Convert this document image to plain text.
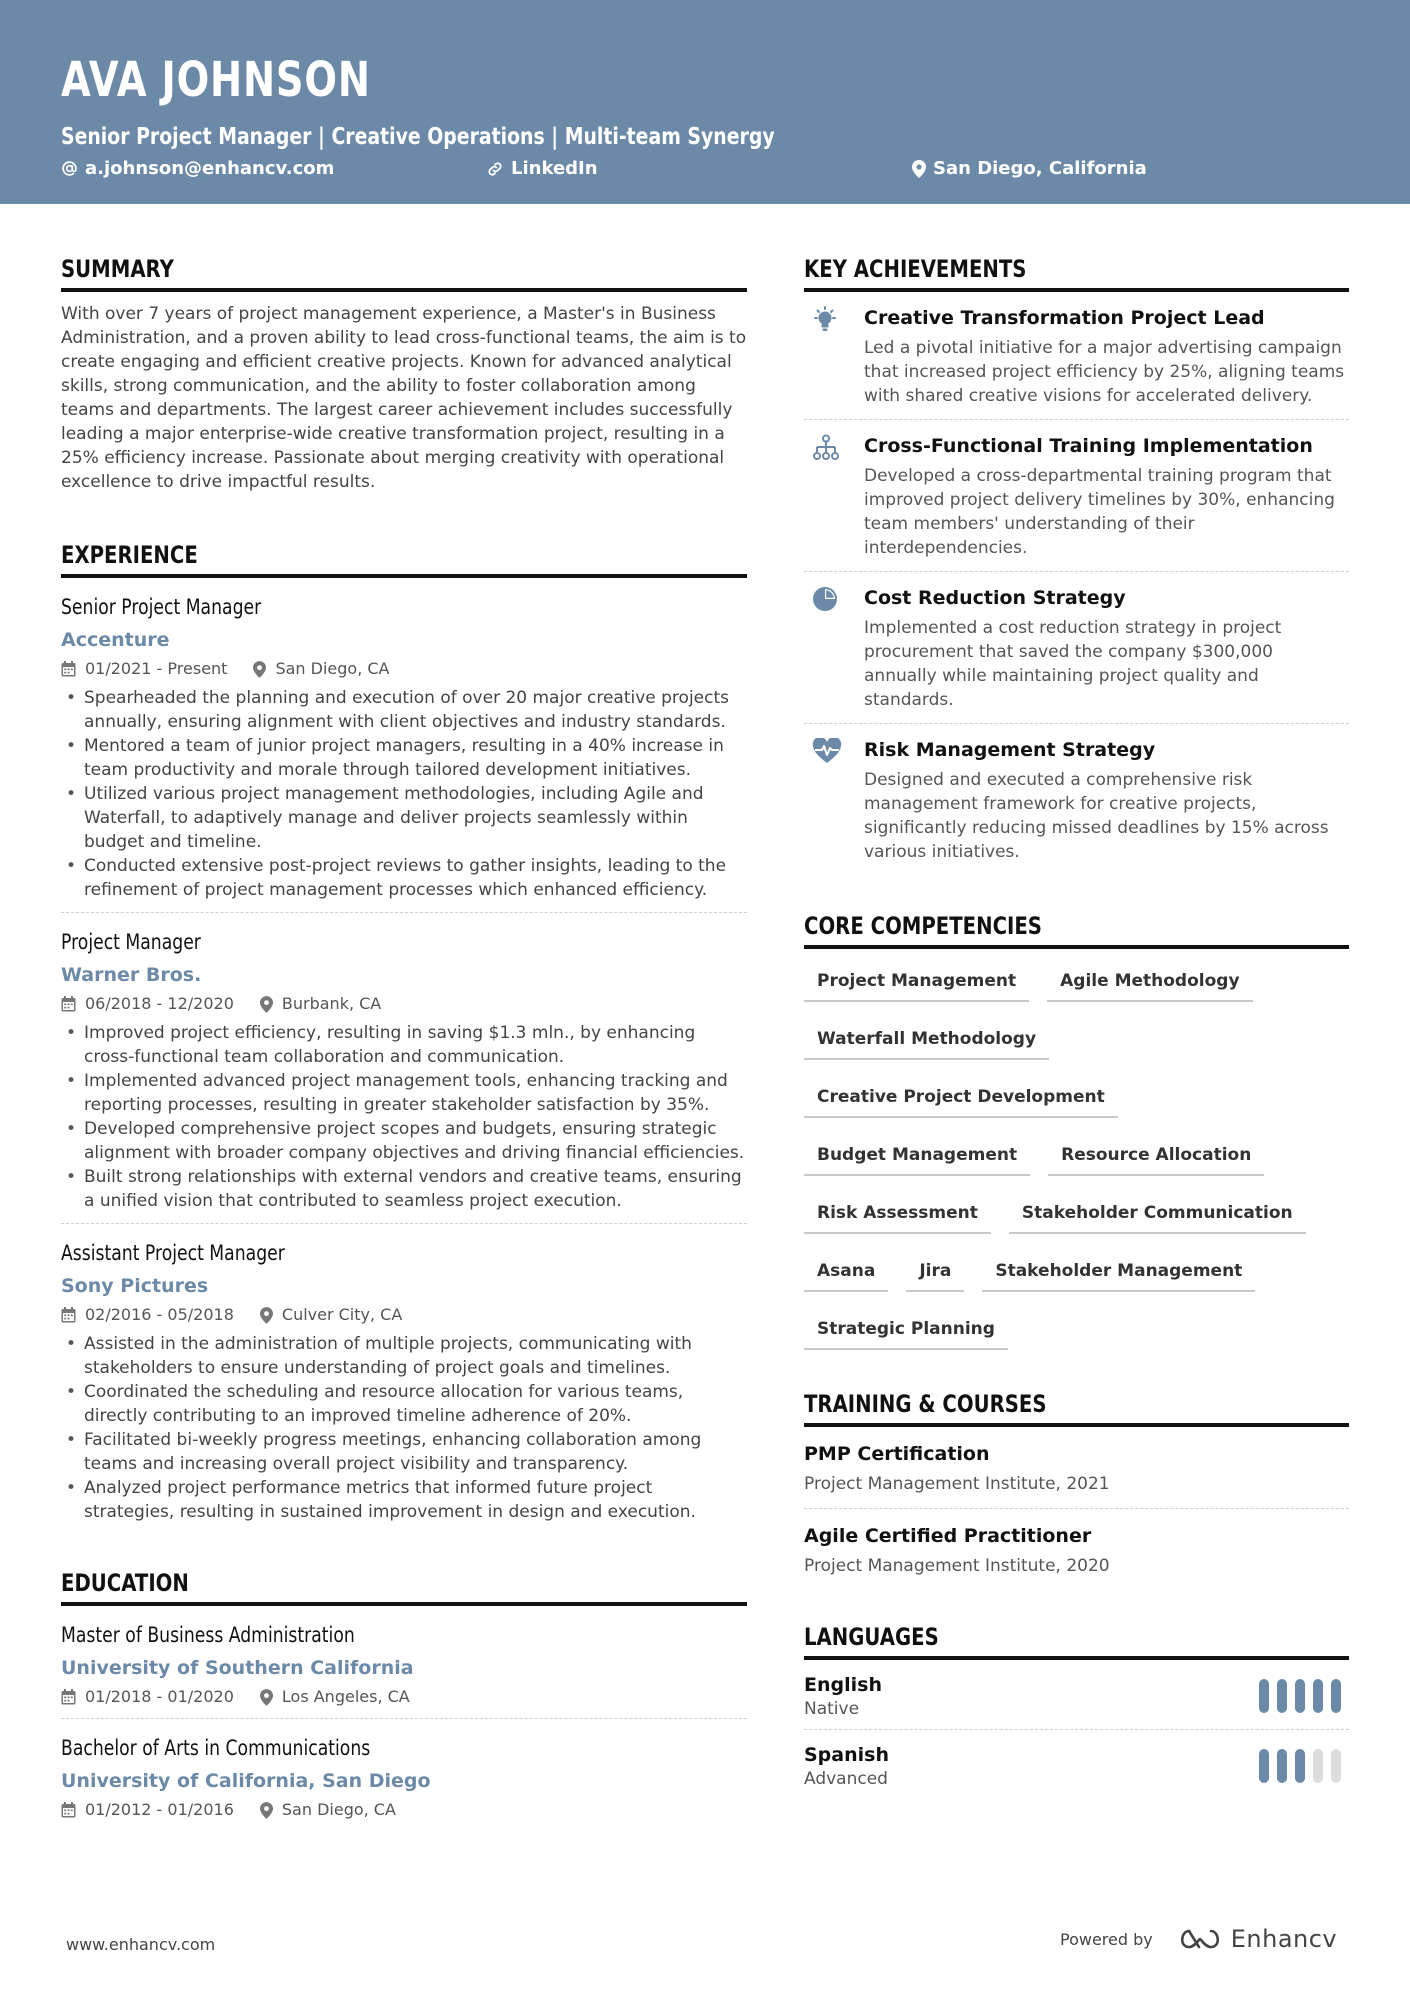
AVA JOHNSON
Senior Project Manager | Creative Operations | Multi-team Synergy
a.johnson@enhancv.com	LinkedIn	San Diego, California
SUMMARY
With over 7 years of project management experience, a Master's in Business Administration, and a proven ability to lead cross-functional teams, the aim is to create engaging and efficient creative projects. Known for advanced analytical skills, strong communication, and the ability to foster collaboration among teams and departments. The largest career achievement includes successfully leading a major enterprise-wide creative transformation project, resulting in a 25% efficiency increase. Passionate about merging creativity with operational excellence to drive impactful results.
EXPERIENCE
Senior Project Manager
Accenture
01/2021 - Present	San Diego, CA
• Spearheaded the planning and execution of over 20 major creative projects annually, ensuring alignment with client objectives and industry standards.
• Mentored a team of junior project managers, resulting in a 40% increase in team productivity and morale through tailored development initiatives.
• Utilized various project management methodologies, including Agile and Waterfall, to adaptively manage and deliver projects seamlessly within budget and timeline.
• Conducted extensive post-project reviews to gather insights, leading to the refinement of project management processes which enhanced efficiency.
Project Manager
Warner Bros.
06/2018 - 12/2020	Burbank, CA
• Improved project efficiency, resulting in saving $1.3 mln., by enhancing cross-functional team collaboration and communication.
• Implemented advanced project management tools, enhancing tracking and reporting processes, resulting in greater stakeholder satisfaction by 35%.
• Developed comprehensive project scopes and budgets, ensuring strategic alignment with broader company objectives and driving financial efficiencies.
• Built strong relationships with external vendors and creative teams, ensuring a unified vision that contributed to seamless project execution.
Assistant Project Manager
Sony Pictures
02/2016 - 05/2018	Culver City, CA
• Assisted in the administration of multiple projects, communicating with stakeholders to ensure understanding of project goals and timelines.
• Coordinated the scheduling and resource allocation for various teams, directly contributing to an improved timeline adherence of 20%.
• Facilitated bi-weekly progress meetings, enhancing collaboration among teams and increasing overall project visibility and transparency.
• Analyzed project performance metrics that informed future project strategies, resulting in sustained improvement in design and execution.
EDUCATION
Master of Business Administration
University of Southern California
01/2018 - 01/2020	Los Angeles, CA
Bachelor of Arts in Communications
University of California, San Diego
01/2012 - 01/2016	San Diego, CA
KEY ACHIEVEMENTS
Creative Transformation Project Lead
Led a pivotal initiative for a major advertising campaign that increased project efficiency by 25%, aligning teams with shared creative visions for accelerated delivery.
Cross-Functional Training Implementation
Developed a cross-departmental training program that improved project delivery timelines by 30%, enhancing team members' understanding of their interdependencies.
Cost Reduction Strategy
Implemented a cost reduction strategy in project procurement that saved the company $300,000 annually while maintaining project quality and standards.
Risk Management Strategy
Designed and executed a comprehensive risk management framework for creative projects, significantly reducing missed deadlines by 15% across various initiatives.
CORE COMPETENCIES
Project Management	Agile Methodology
Waterfall Methodology
Creative Project Development
Budget Management	Resource Allocation
Risk Assessment	Stakeholder Communication
Asana	Jira	Stakeholder Management
Strategic Planning
TRAINING & COURSES
PMP Certification
Project Management Institute, 2021
Agile Certified Practitioner
Project Management Institute, 2020
LANGUAGES
English
Native
Spanish
Advanced
www.enhancv.com	Powered by	Enhancv
